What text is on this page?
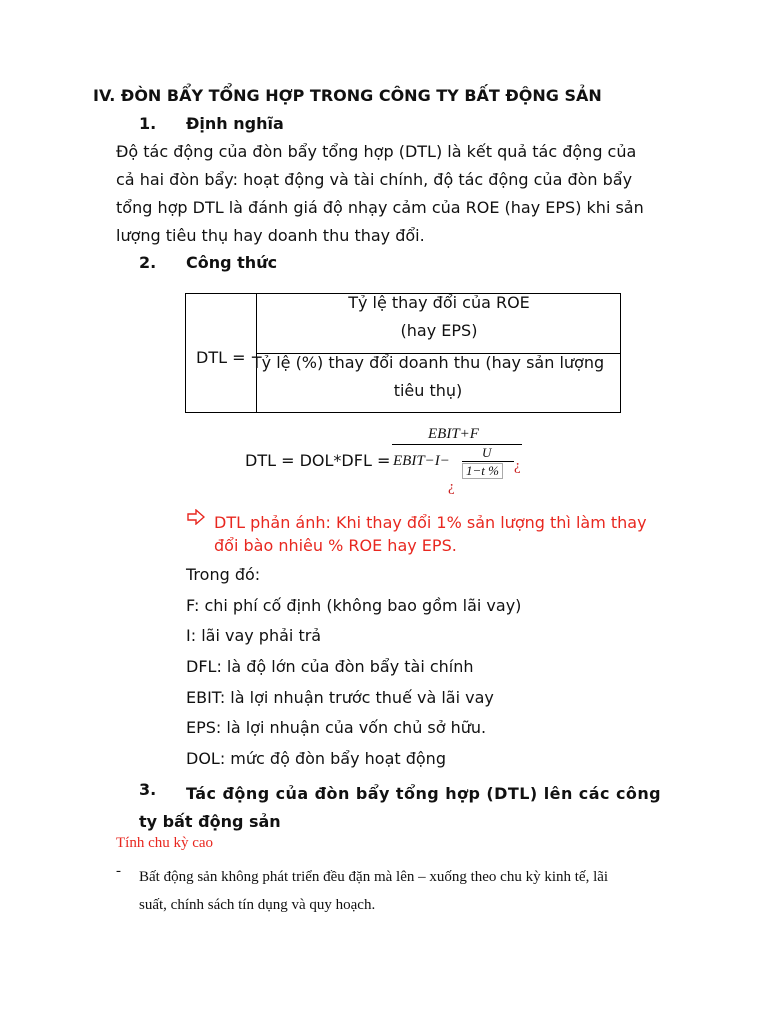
IV. ĐÒN BẨY TỔNG HỢP TRONG CÔNG TY BẤT ĐỘNG SẢN
1. Định nghĩa
Độ tác động của đòn bẩy tổng hợp (DTL) là kết quả tác động của
cả hai đòn bẩy: hoạt động và tài chính, độ tác động của đòn bẩy
tổng hợp DTL là đánh giá độ nhạy cảm của ROE (hay EPS) khi sản
lượng tiêu thụ hay doanh thu thay đổi.
2. Công thức
DTL =
Tỷ lệ thay đổi của ROE
(hay EPS)
Tỷ lệ (%) thay đổi doanh thu (hay sản lượng
tiêu thụ)
DTL = DOL*DFL =
EBIT+F
EBIT−I−
U
1−t % ¿
¿
DTL phản ánh: Khi thay đổi 1% sản lượng thì làm thay
đổi bào nhiêu % ROE hay EPS.
Trong đó:
F: chi phí cố định (không bao gồm lãi vay)
I: lãi vay phải trả
DFL: là độ lớn của đòn bẩy tài chính
EBIT: là lợi nhuận trước thuế và lãi vay
EPS: là lợi nhuận của vốn chủ sở hữu.
DOL: mức độ đòn bẩy hoạt động
3.	Tác động của đòn bẩy tổng hợp (DTL) lên các công
ty bất động sản
Tính chu kỳ cao
- Bất động sản không phát triển đều đặn mà lên – xuống theo chu kỳ kinh tế, lãi
suất, chính sách tín dụng và quy hoạch.
